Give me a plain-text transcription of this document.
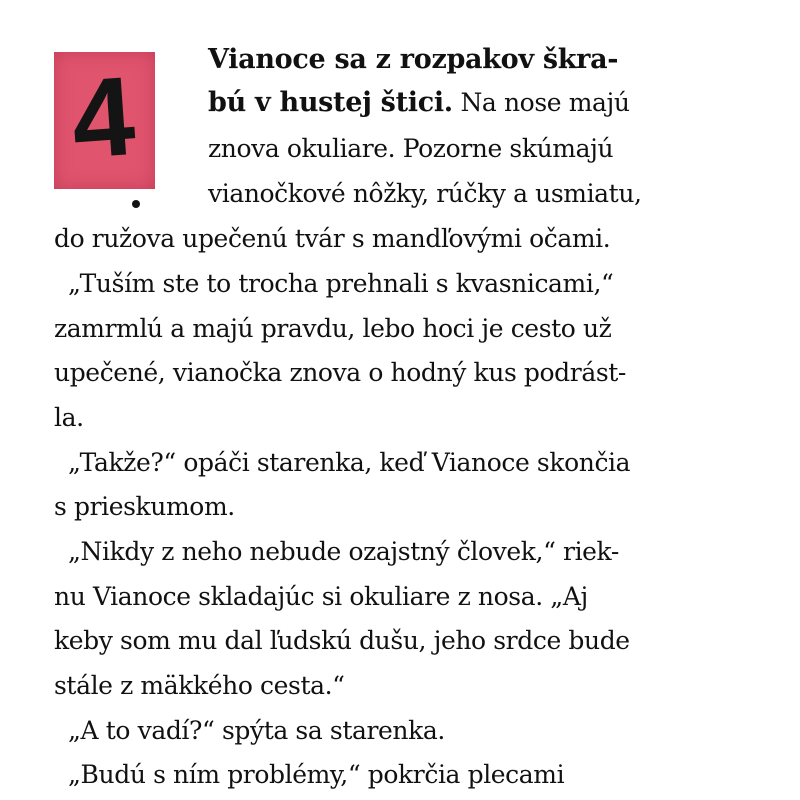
4	Vianoce sa z rozpakov škra-
bú v hustej štici. Na nose majú
znova okuliare. Pozorne skúmajú
vianočkové nôžky, rúčky a usmiatu,
do ružova upečenú tvár s mandľovými očami.
„Tuším ste to trocha prehnali s kvasnicami,“
zamrmlú a majú pravdu, lebo hoci je cesto už
upečené, vianočka znova o hodný kus podrást-
la.
„Takže?“ opáči starenka, keď Vianoce skončia
s prieskumom.
„Nikdy z neho nebude ozajstný človek,“ riek-
nu Vianoce skladajúc si okuliare z nosa. „Aj
keby som mu dal ľudskú dušu, jeho srdce bude
stále z mäkkého cesta.“
„A to vadí?“ spýta sa starenka.
„Budú s ním problémy,“ pokrčia plecami
